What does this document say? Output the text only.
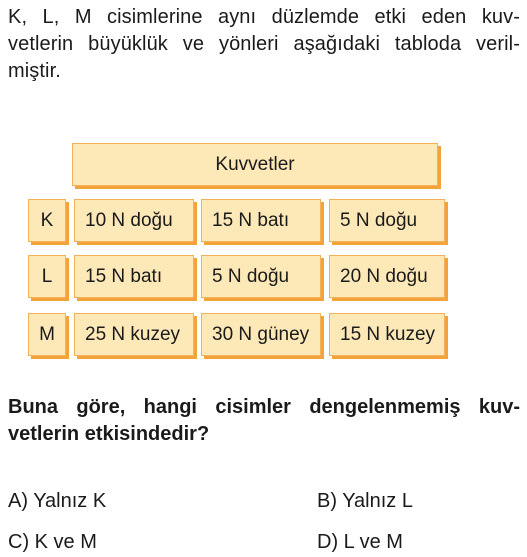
K, L, M cisimlerine aynı düzlemde etki eden kuv-
vetlerin büyüklük ve yönleri aşağıdaki tabloda veril-
miştir.
Kuvvetler
K	10 N doğu	15 N batı	5 N doğu
L	15 N batı	5 N doğu	20 N doğu
M	25 N kuzey	30 N güney	15 N kuzey
Buna göre, hangi cisimler dengelenmemiş kuv-
vetlerin etkisindedir?
A) Yalnız K	B) Yalnız L
C) K ve M	D) L ve M
